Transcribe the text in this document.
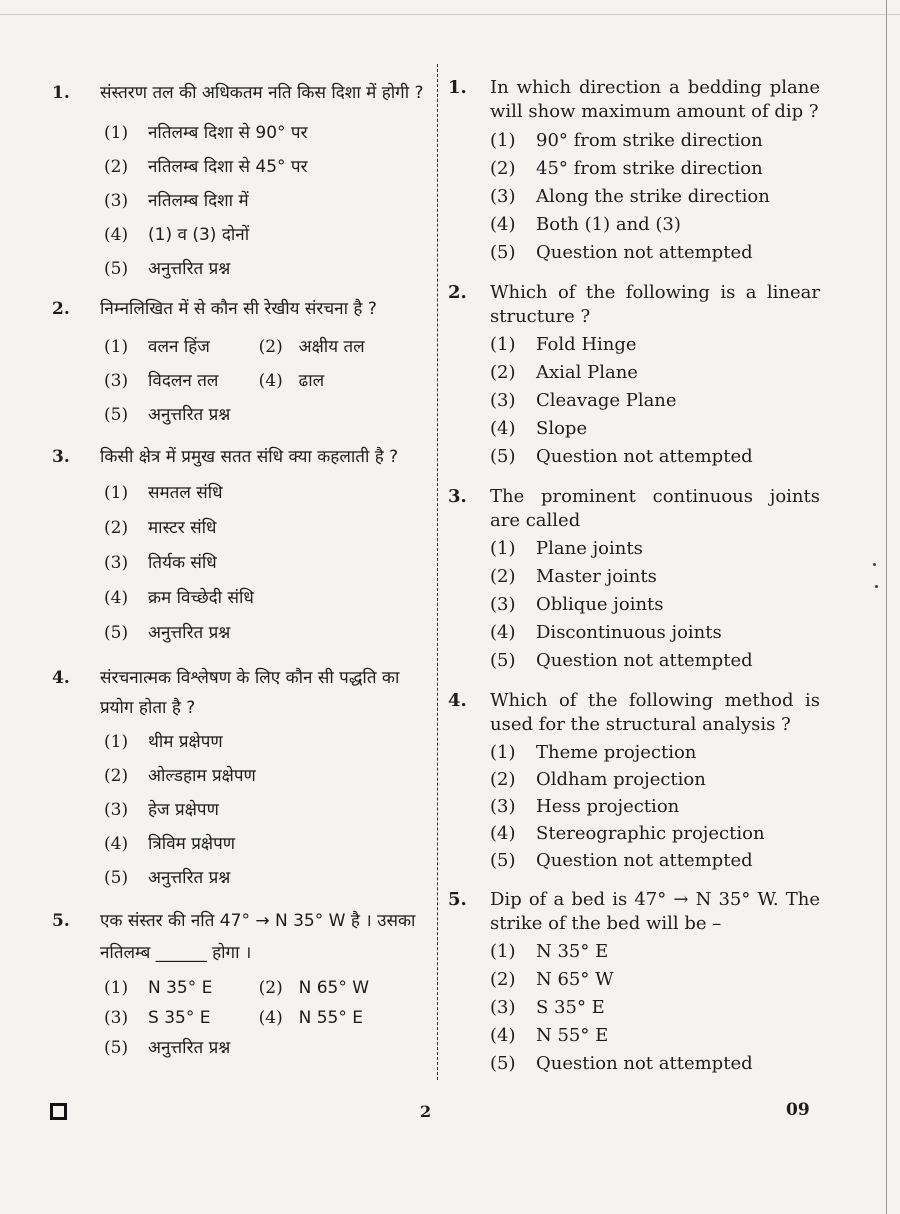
1. संस्तरण तल की अधिकतम नति किस दिशा में होगी ?
(1) नतिलम्ब दिशा से 90° पर
(2) नतिलम्ब दिशा से 45° पर
(3) नतिलम्ब दिशा में
(4) (1) व (3) दोनों
(5) अनुत्तरित प्रश्न
2. निम्नलिखित में से कौन सी रेखीय संरचना है ?
(1) वलन हिंज	(2) अक्षीय तल
(3) विदलन तल	(4) ढाल
(5) अनुत्तरित प्रश्न
3. किसी क्षेत्र में प्रमुख सतत संधि क्या कहलाती है ?
(1) समतल संधि
(2) मास्टर संधि
(3) तिर्यक संधि
(4) क्रम विच्छेदी संधि
(5) अनुत्तरित प्रश्न
4. संरचनात्मक विश्लेषण के लिए कौन सी पद्धति का प्रयोग होता है ?
(1) थीम प्रक्षेपण
(2) ओल्डहाम प्रक्षेपण
(3) हेज प्रक्षेपण
(4) त्रिविम प्रक्षेपण
(5) अनुत्तरित प्रश्न
5. एक संस्तर की नति 47° → N 35° W है । उसका नतिलम्ब ______ होगा ।
(1) N 35° E	(2) N 65° W
(3) S 35° E	(4) N 55° E
(5) अनुत्तरित प्रश्न
1. In which direction a bedding plane will show maximum amount of dip ?
(1) 90° from strike direction
(2) 45° from strike direction
(3) Along the strike direction
(4) Both (1) and (3)
(5) Question not attempted
2. Which of the following is a linear structure ?
(1) Fold Hinge
(2) Axial Plane
(3) Cleavage Plane
(4) Slope
(5) Question not attempted
3. The prominent continuous joints are called
(1) Plane joints
(2) Master joints
(3) Oblique joints
(4) Discontinuous joints
(5) Question not attempted
4. Which of the following method is used for the structural analysis ?
(1) Theme projection
(2) Oldham projection
(3) Hess projection
(4) Stereographic projection
(5) Question not attempted
5. Dip of a bed is 47° → N 35° W. The strike of the bed will be –
(1) N 35° E
(2) N 65° W
(3) S 35° E
(4) N 55° E
(5) Question not attempted
2	09
